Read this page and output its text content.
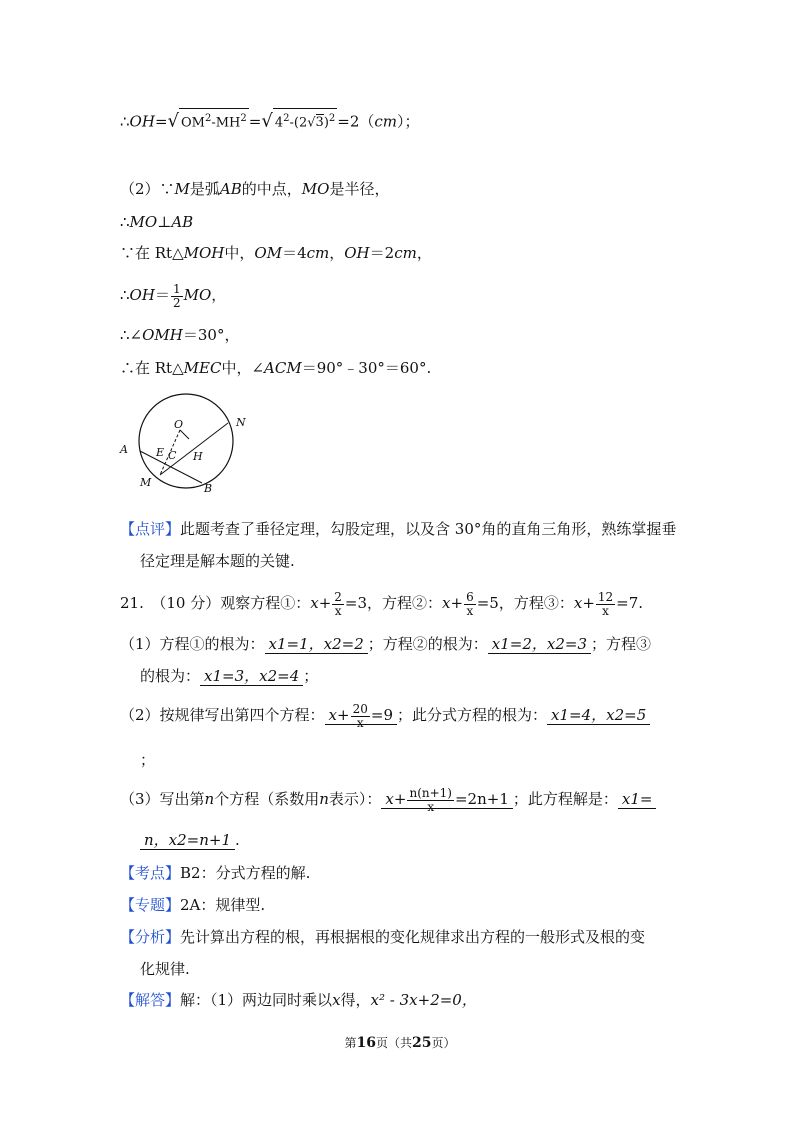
∴OH=√ $OM^2-MH^2$ =√ $4^2-(2√3)^2 =2(cm)$；
（2）∵M是弧AB的中点，MO是半径，
∴MO⊥AB
∵在 Rt△MOH中，OM＝4cm，OH＝2cm，
∴OH＝ $\frac{1}{2}$ MO，
∴∠OMH＝30°，
∴在 Rt△MEC中，∠ACM＝90°﹣30°＝60°.
O	N
A	E C H
M	B
【点评】此题考查了垂径定理，勾股定理，以及含 30°角的直角三角形，熟练掌握垂
径定理是解本题的关键.
21.　（10 分）观察方程①：$x+ \frac{2}{x} =3$，方程②：$x+ \frac{6}{x} =5$，方程③：$x+ \frac{12}{x} =7$.
（1）方程①的根为： x1=1，x2=2 ；方程②的根为： x1=2，x2=3 ；方程③
的根为： x1=3，x2=4 ；
（2）按规律写出第四个方程： $x+ \frac{20}{x} =9$ ；此分式方程的根为： x1=4，x2=5
；
（3）写出第n个方程（系数用n表示）： $x+ \frac{n(n+1)}{x} =2n+1$ ；此方程解是： x1=
n，x2=n+1 .
【考点】B2：分式方程的解.
【专题】2A：规律型.
【分析】先计算出方程的根，再根据根的变化规律求出方程的一般形式及根的变
化规律.
【解答】解：（1）两边同时乘以x得，x² - 3x+2=0，
第16页（共25页）
